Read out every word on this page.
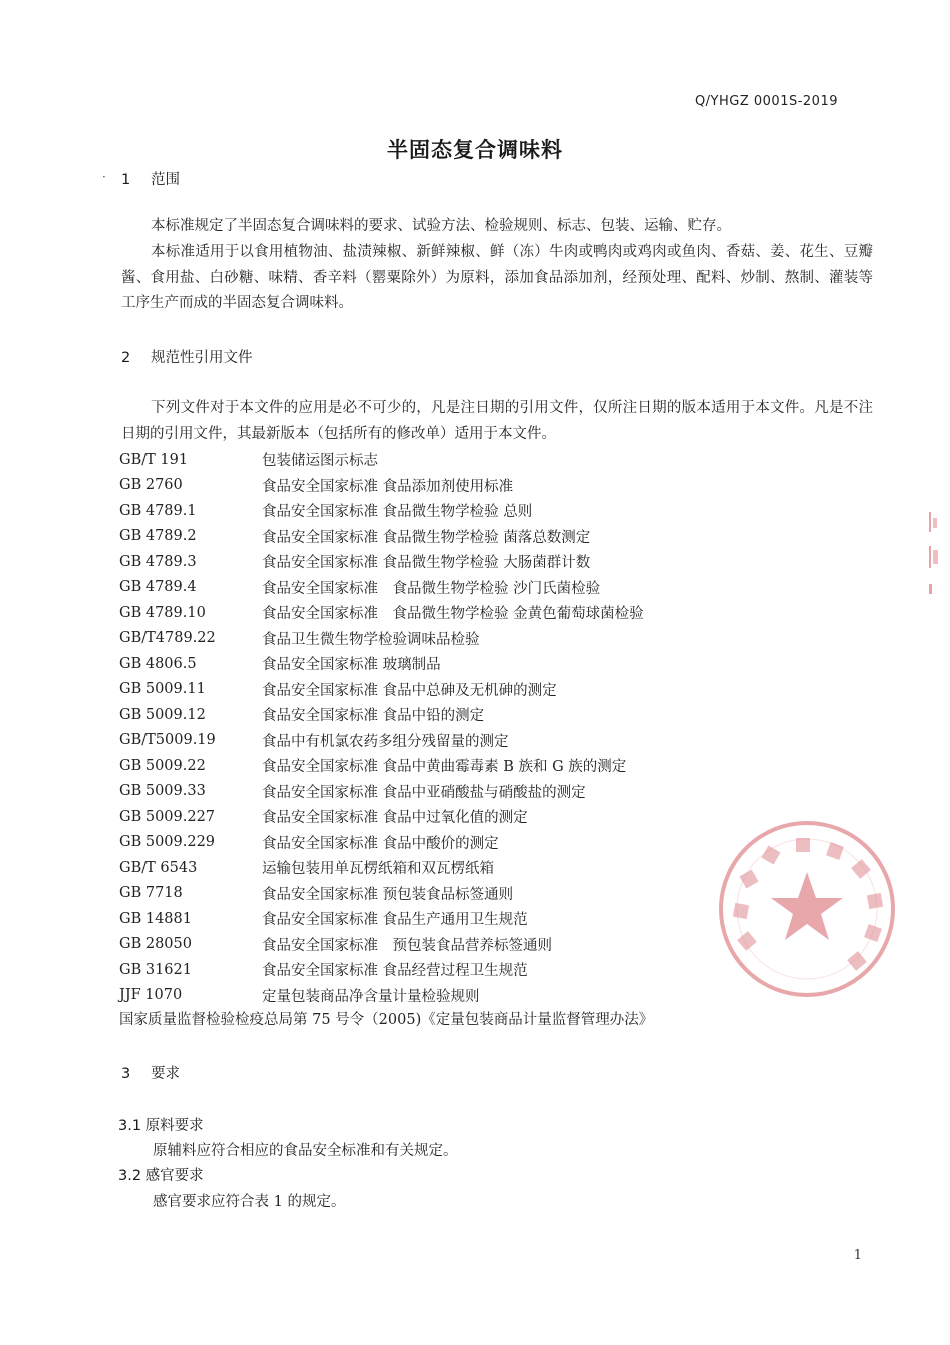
Q/YHGZ 0001S-2019
半固态复合调味料
· 1 范围
本标准规定了半固态复合调味料的要求、试验方法、检验规则、标志、包装、运输、贮存。
本标准适用于以食用植物油、盐渍辣椒、新鲜辣椒、鲜（冻）牛肉或鸭肉或鸡肉或鱼肉、香菇、姜、花生、豆瓣酱、食用盐、白砂糖、味精、香辛料（罂粟除外）为原料，添加食品添加剂，经预处理、配料、炒制、熬制、灌装等工序生产而成的半固态复合调味料。
2 规范性引用文件
下列文件对于本文件的应用是必不可少的，凡是注日期的引用文件，仅所注日期的版本适用于本文件。凡是不注日期的引用文件，其最新版本（包括所有的修改单）适用于本文件。
GB/T 191	包装储运图示标志
GB 2760	食品安全国家标准 食品添加剂使用标准
GB 4789.1	食品安全国家标准 食品微生物学检验 总则
GB 4789.2	食品安全国家标准 食品微生物学检验 菌落总数测定
GB 4789.3	食品安全国家标准 食品微生物学检验 大肠菌群计数
GB 4789.4	食品安全国家标准　食品微生物学检验 沙门氏菌检验
GB 4789.10	食品安全国家标准　食品微生物学检验 金黄色葡萄球菌检验
GB/T4789.22	食品卫生微生物学检验调味品检验
GB 4806.5	食品安全国家标准 玻璃制品
GB 5009.11	食品安全国家标准 食品中总砷及无机砷的测定
GB 5009.12	食品安全国家标准 食品中铅的测定
GB/T5009.19	食品中有机氯农药多组分残留量的测定
GB 5009.22	食品安全国家标准 食品中黄曲霉毒素 B 族和 G 族的测定
GB 5009.33	食品安全国家标准 食品中亚硝酸盐与硝酸盐的测定
GB 5009.227	食品安全国家标准 食品中过氧化值的测定
GB 5009.229	食品安全国家标准 食品中酸价的测定
GB/T 6543	运输包装用单瓦楞纸箱和双瓦楞纸箱
GB 7718	食品安全国家标准 预包装食品标签通则
GB 14881	食品安全国家标准 食品生产通用卫生规范
GB 28050	食品安全国家标准　预包装食品营养标签通则
GB 31621	食品安全国家标准 食品经营过程卫生规范
JJF 1070	定量包装商品净含量计量检验规则
国家质量监督检验检疫总局第 75 号令（2005)《定量包装商品计量监督管理办法》
3 要求
3.1 原料要求
原辅料应符合相应的食品安全标准和有关规定。
3.2 感官要求
感官要求应符合表 1 的规定。
1
